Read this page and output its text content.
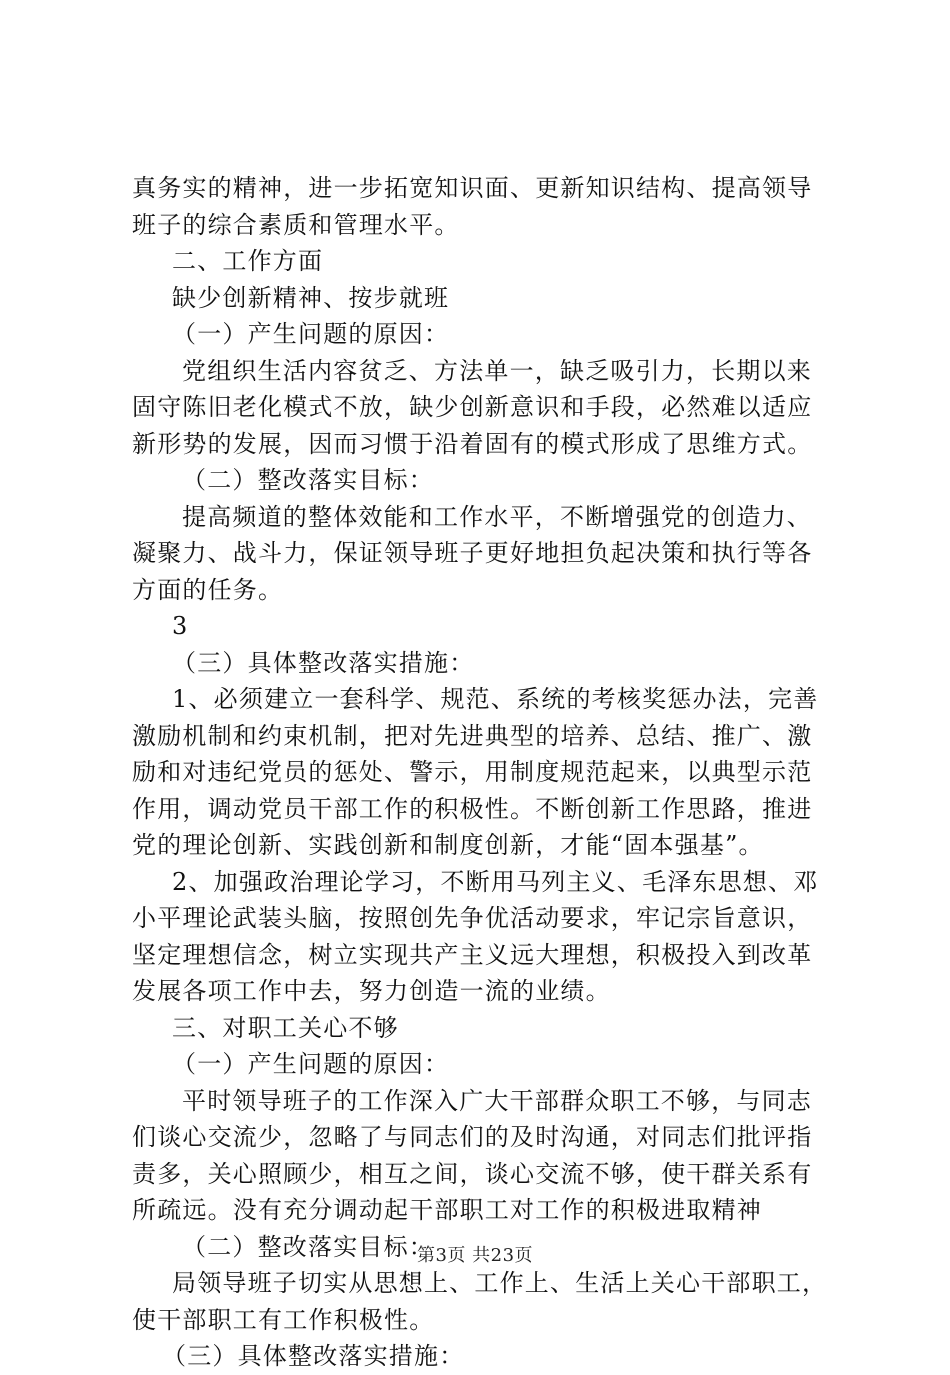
真务实的精神，进一步拓宽知识面、更新知识结构、提高领导
班子的综合素质和管理水平。
二、工作方面
缺少创新精神、按步就班
（一）产生问题的原因：
党组织生活内容贫乏、方法单一，缺乏吸引力，长期以来
固守陈旧老化模式不放，缺少创新意识和手段，必然难以适应
新形势的发展，因而习惯于沿着固有的模式形成了思维方式。
（二）整改落实目标：
提高频道的整体效能和工作水平，不断增强党的创造力、
凝聚力、战斗力，保证领导班子更好地担负起决策和执行等各
方面的任务。
3
（三）具体整改落实措施：
1、必须建立一套科学、规范、系统的考核奖惩办法，完善
激励机制和约束机制，把对先进典型的培养、总结、推广、激
励和对违纪党员的惩处、警示，用制度规范起来，以典型示范
作用，调动党员干部工作的积极性。不断创新工作思路，推进
党的理论创新、实践创新和制度创新，才能“固本强基”。
2、加强政治理论学习，不断用马列主义、毛泽东思想、邓
小平理论武装头脑，按照创先争优活动要求，牢记宗旨意识，
坚定理想信念，树立实现共产主义远大理想，积极投入到改革
发展各项工作中去，努力创造一流的业绩。
三、对职工关心不够
（一）产生问题的原因：
平时领导班子的工作深入广大干部群众职工不够，与同志
们谈心交流少，忽略了与同志们的及时沟通，对同志们批评指
责多，关心照顾少，相互之间，谈心交流不够，使干群关系有
所疏远。没有充分调动起干部职工对工作的积极进取精神
（二）整改落实目标：
局领导班子切实从思想上、工作上、生活上关心干部职工，
使干部职工有工作积极性。
（三）具体整改落实措施：
第3页 共23页
